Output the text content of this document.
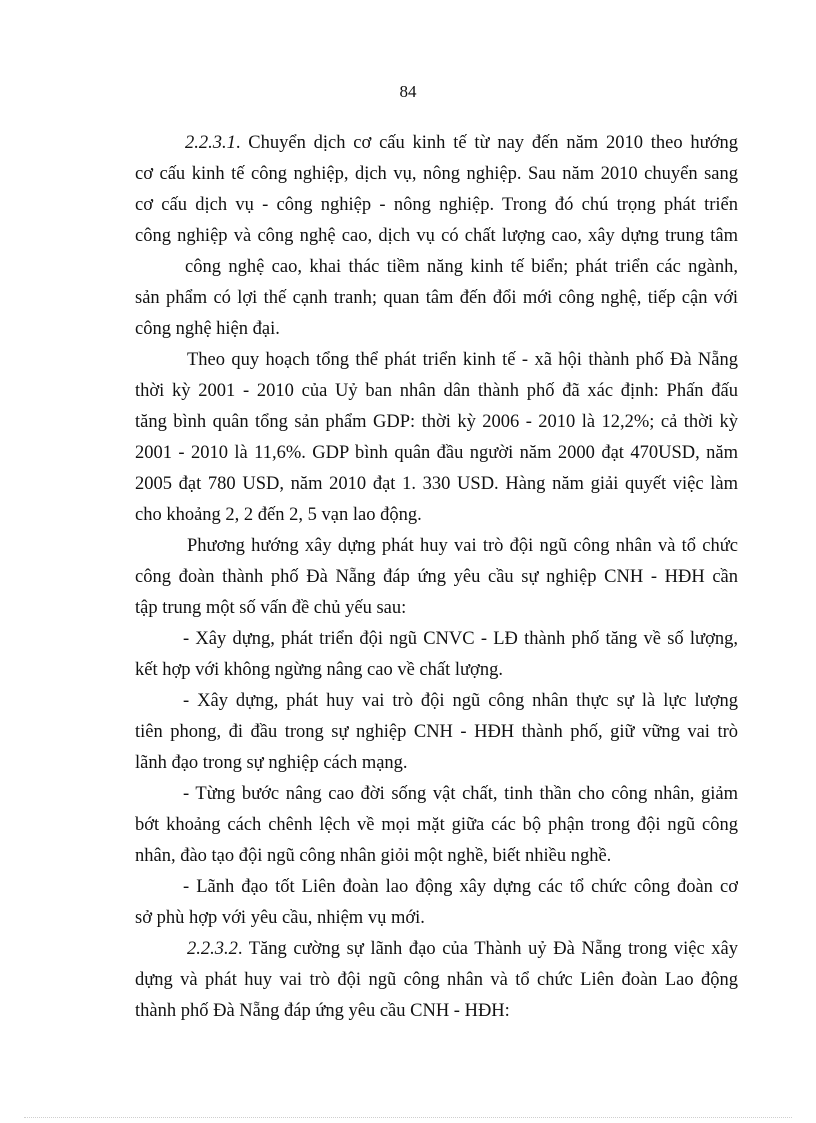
84
2.2.3.1. Chuyển dịch cơ cấu kinh tế từ nay đến năm 2010 theo hướng
cơ cấu kinh tế công nghiệp, dịch vụ, nông nghiệp. Sau năm 2010 chuyển sang
cơ cấu dịch vụ - công nghiệp - nông nghiệp. Trong đó chú trọng phát triển
công nghiệp và công nghệ cao, dịch vụ có chất lượng cao, xây dựng trung tâm
công nghệ cao, khai thác tiềm năng kinh tế biển; phát triển các ngành,
sản phẩm có lợi thế cạnh tranh; quan tâm đến đổi mới công nghệ, tiếp cận với
công nghệ hiện đại.
Theo quy hoạch tổng thể phát triển kinh tế - xã hội thành phố Đà Nẵng
thời kỳ 2001 - 2010 của Uỷ ban nhân dân thành phố đã xác định: Phấn đấu
tăng bình quân tổng sản phẩm GDP: thời kỳ 2006 - 2010 là 12,2%; cả thời kỳ
2001 - 2010 là 11,6%. GDP bình quân đầu người năm 2000 đạt 470USD, năm
2005 đạt 780 USD, năm 2010 đạt 1. 330 USD. Hàng năm giải quyết việc làm
cho khoảng 2, 2 đến 2, 5 vạn lao động.
Phương hướng xây dựng phát huy vai trò đội ngũ công nhân và tổ chức
công đoàn thành phố Đà Nẵng đáp ứng yêu cầu sự nghiệp CNH - HĐH cần
tập trung một số vấn đề chủ yếu sau:
- Xây dựng, phát triển đội ngũ CNVC - LĐ thành phố tăng về số lượng,
kết hợp với không ngừng nâng cao về chất lượng.
- Xây dựng, phát huy vai trò đội ngũ công nhân thực sự là lực lượng
tiên phong, đi đầu trong sự nghiệp CNH - HĐH thành phố, giữ vững vai trò
lãnh đạo trong sự nghiệp cách mạng.
- Từng bước nâng cao đời sống vật chất, tinh thần cho công nhân, giảm
bớt khoảng cách chênh lệch về mọi mặt giữa các bộ phận trong đội ngũ công
nhân, đào tạo đội ngũ công nhân giỏi một nghề, biết nhiều nghề.
- Lãnh đạo tốt Liên đoàn lao động xây dựng các tổ chức công đoàn cơ
sở phù hợp với yêu cầu, nhiệm vụ mới.
2.2.3.2. Tăng cường sự lãnh đạo của Thành uỷ Đà Nẵng trong việc xây
dựng và phát huy vai trò đội ngũ công nhân và tổ chức Liên đoàn Lao động
thành phố Đà Nẵng đáp ứng yêu cầu CNH - HĐH:
